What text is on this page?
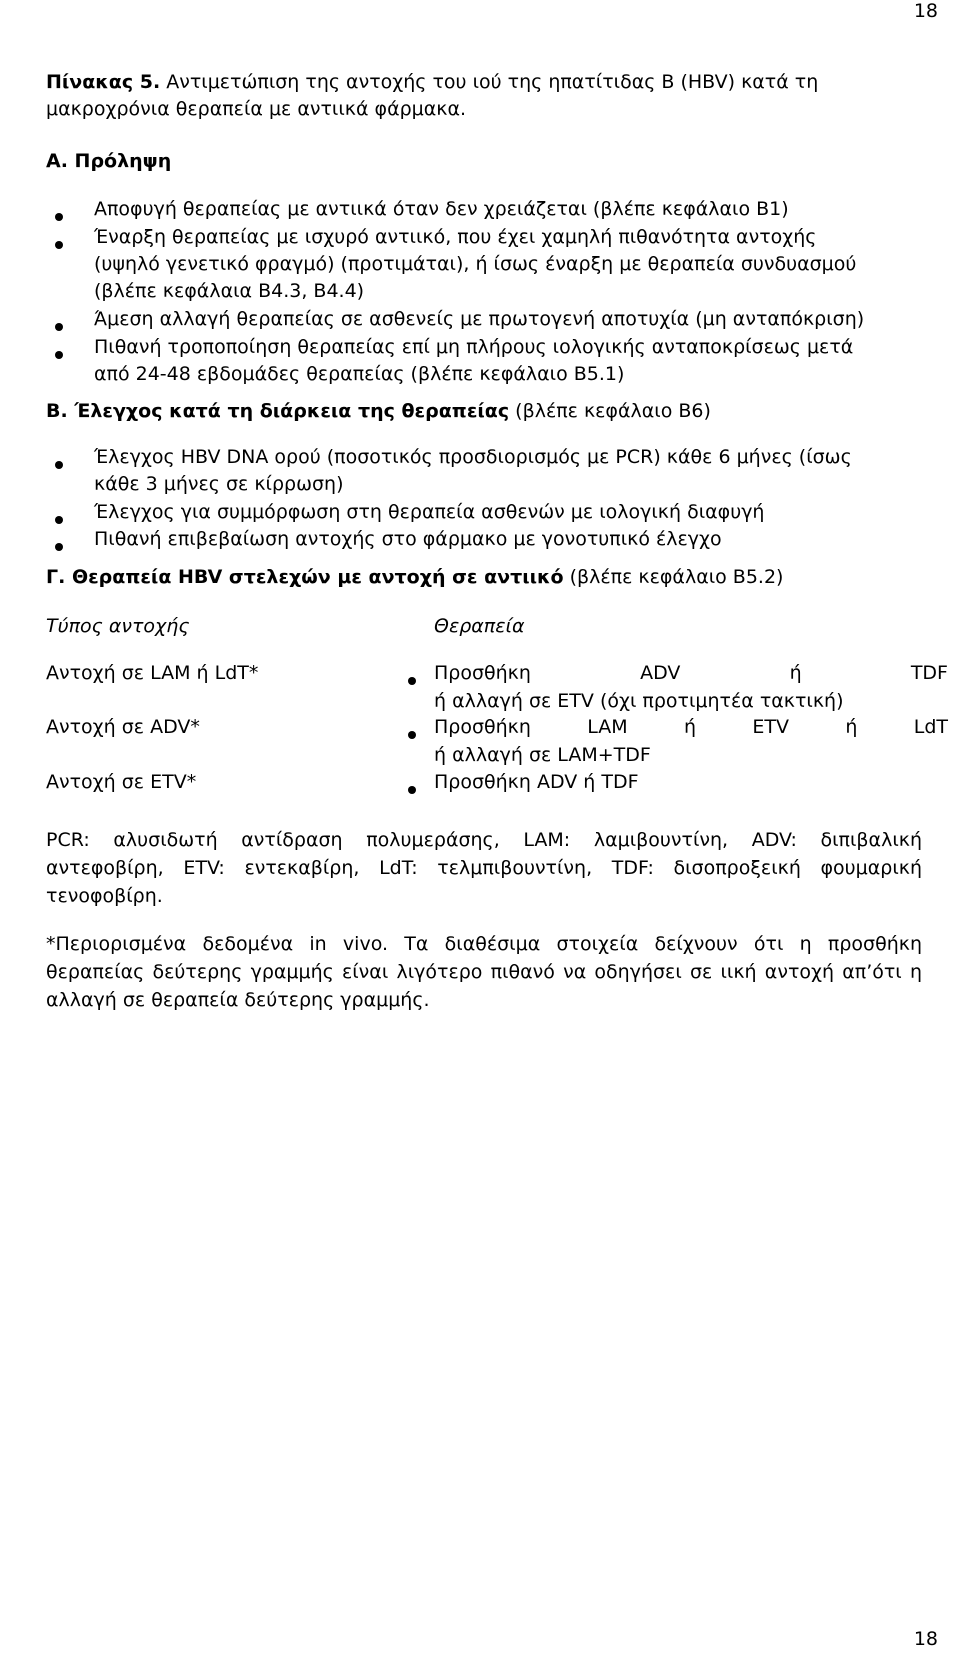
18
Πίνακας 5. Αντιμετώπιση της αντοχής του ιού της ηπατίτιδας Β (HBV) κατά τη
μακροχρόνια θεραπεία με αντιικά φάρμακα.
Α. Πρόληψη
Αποφυγή θεραπείας με αντιικά όταν δεν χρειάζεται (βλέπε κεφάλαιο Β1)
Έναρξη θεραπείας με ισχυρό αντιικό, που έχει χαμηλή πιθανότητα αντοχής
(υψηλό γενετικό φραγμό) (προτιμάται), ή ίσως έναρξη με θεραπεία συνδυασμού
(βλέπε κεφάλαια Β4.3, Β4.4)
Άμεση αλλαγή θεραπείας σε ασθενείς με πρωτογενή αποτυχία (μη ανταπόκριση)
Πιθανή τροποποίηση θεραπείας επί μη πλήρους ιολογικής ανταποκρίσεως μετά
από 24-48 εβδομάδες θεραπείας (βλέπε κεφάλαιο Β5.1)
Β. Έλεγχος κατά τη διάρκεια της θεραπείας (βλέπε κεφάλαιο Β6)
Έλεγχος HBV DNA ορού (ποσοτικός προσδιορισμός με PCR) κάθε 6 μήνες (ίσως
κάθε 3 μήνες σε κίρρωση)
Έλεγχος για συμμόρφωση στη θεραπεία ασθενών με ιολογική διαφυγή
Πιθανή επιβεβαίωση αντοχής στο φάρμακο με γονοτυπικό έλεγχο
Γ. Θεραπεία HBV στελεχών με αντοχή σε αντιικό (βλέπε κεφάλαιο Β5.2)
Τύπος αντοχής	Θεραπεία
Αντοχή σε LAM ή LdT*	Προσθήκη ADV ή TDF
ή αλλαγή σε ETV (όχι προτιμητέα τακτική)
Αντοχή σε ADV*	Προσθήκη LAM ή ETV ή LdT
ή αλλαγή σε LAM+TDF
Αντοχή σε ETV*	Προσθήκη ADV ή TDF
PCR: αλυσιδωτή αντίδραση πολυμεράσης, LAM: λαμιβουντίνη, ADV: διπιβαλική αντεφοβίρη, ETV: εντεκαβίρη, LdT: τελμπιβουντίνη, TDF: δισοπροξεική φουμαρική τενοφοβίρη.
*Περιορισμένα δεδομένα in vivo. Τα διαθέσιμα στοιχεία δείχνουν ότι η προσθήκη θεραπείας δεύτερης γραμμής είναι λιγότερο πιθανό να οδηγήσει σε ιική αντοχή απ’ότι η αλλαγή σε θεραπεία δεύτερης γραμμής.
18
